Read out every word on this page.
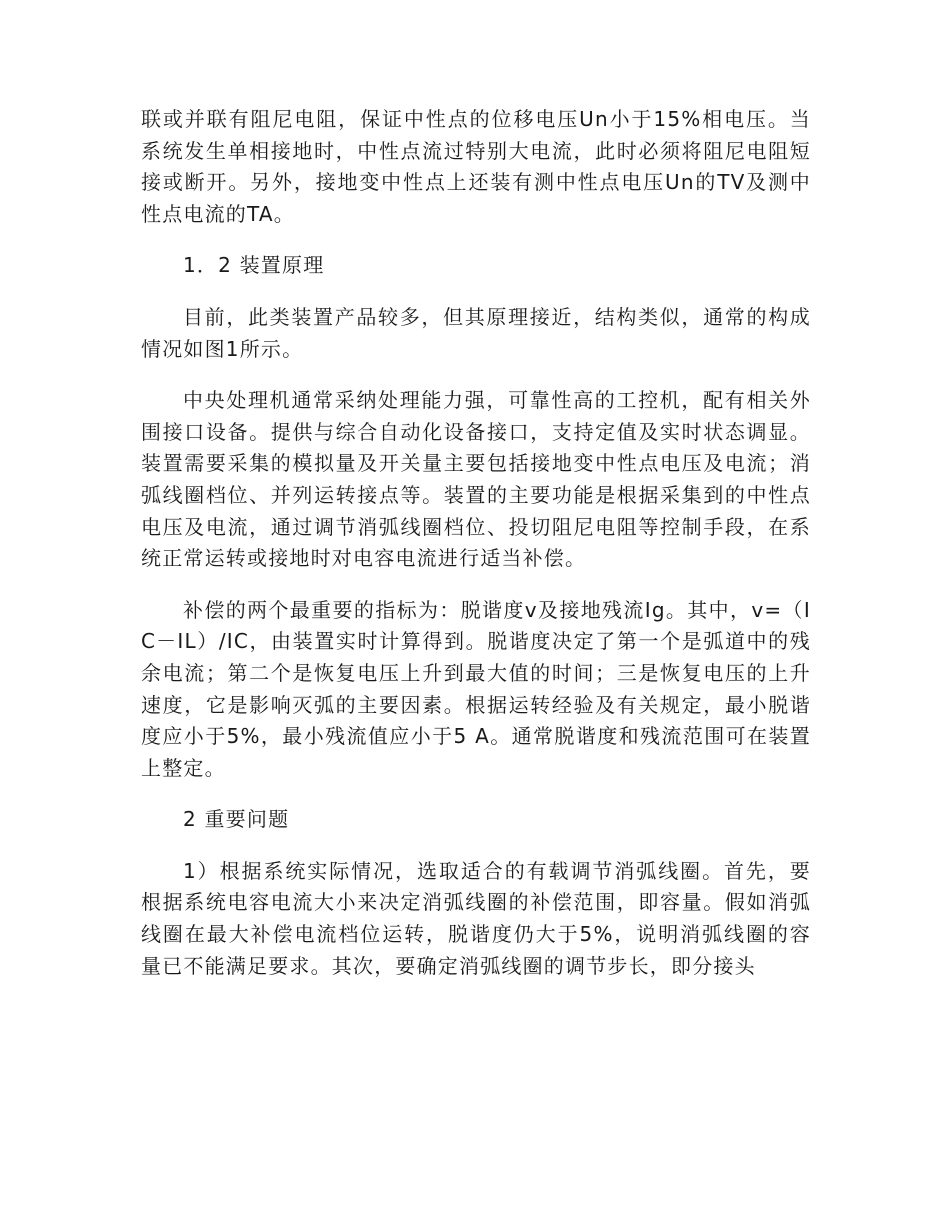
联或并联有阻尼电阻，保证中性点的位移电压Un小于15%相电压。当系统发生单相接地时，中性点流过特别大电流，此时必须将阻尼电阻短接或断开。另外，接地变中性点上还装有测中性点电压Un的TV及测中性点电流的TA。

1．2 装置原理

目前，此类装置产品较多，但其原理接近，结构类似，通常的构成情况如图1所示。

中央处理机通常采纳处理能力强，可靠性高的工控机，配有相关外围接口设备。提供与综合自动化设备接口，支持定值及实时状态调显。装置需要采集的模拟量及开关量主要包括接地变中性点电压及电流；消弧线圈档位、并列运转接点等。装置的主要功能是根据采集到的中性点电压及电流，通过调节消弧线圈档位、投切阻尼电阻等控制手段，在系统正常运转或接地时对电容电流进行适当补偿。

补偿的两个最重要的指标为：脱谐度v及接地残流Ig。其中，v=（IC－IL）/IC，由装置实时计算得到。脱谐度决定了第一个是弧道中的残余电流；第二个是恢复电压上升到最大值的时间；三是恢复电压的上升速度，它是影响灭弧的主要因素。根据运转经验及有关规定，最小脱谐度应小于5%，最小残流值应小于5 A。通常脱谐度和残流范围可在装置上整定。

2 重要问题

1）根据系统实际情况，选取适合的有载调节消弧线圈。首先，要根据系统电容电流大小来决定消弧线圈的补偿范围，即容量。假如消弧线圈在最大补偿电流档位运转，脱谐度仍大于5%，说明消弧线圈的容量已不能满足要求。其次，要确定消弧线圈的调节步长，即分接头
